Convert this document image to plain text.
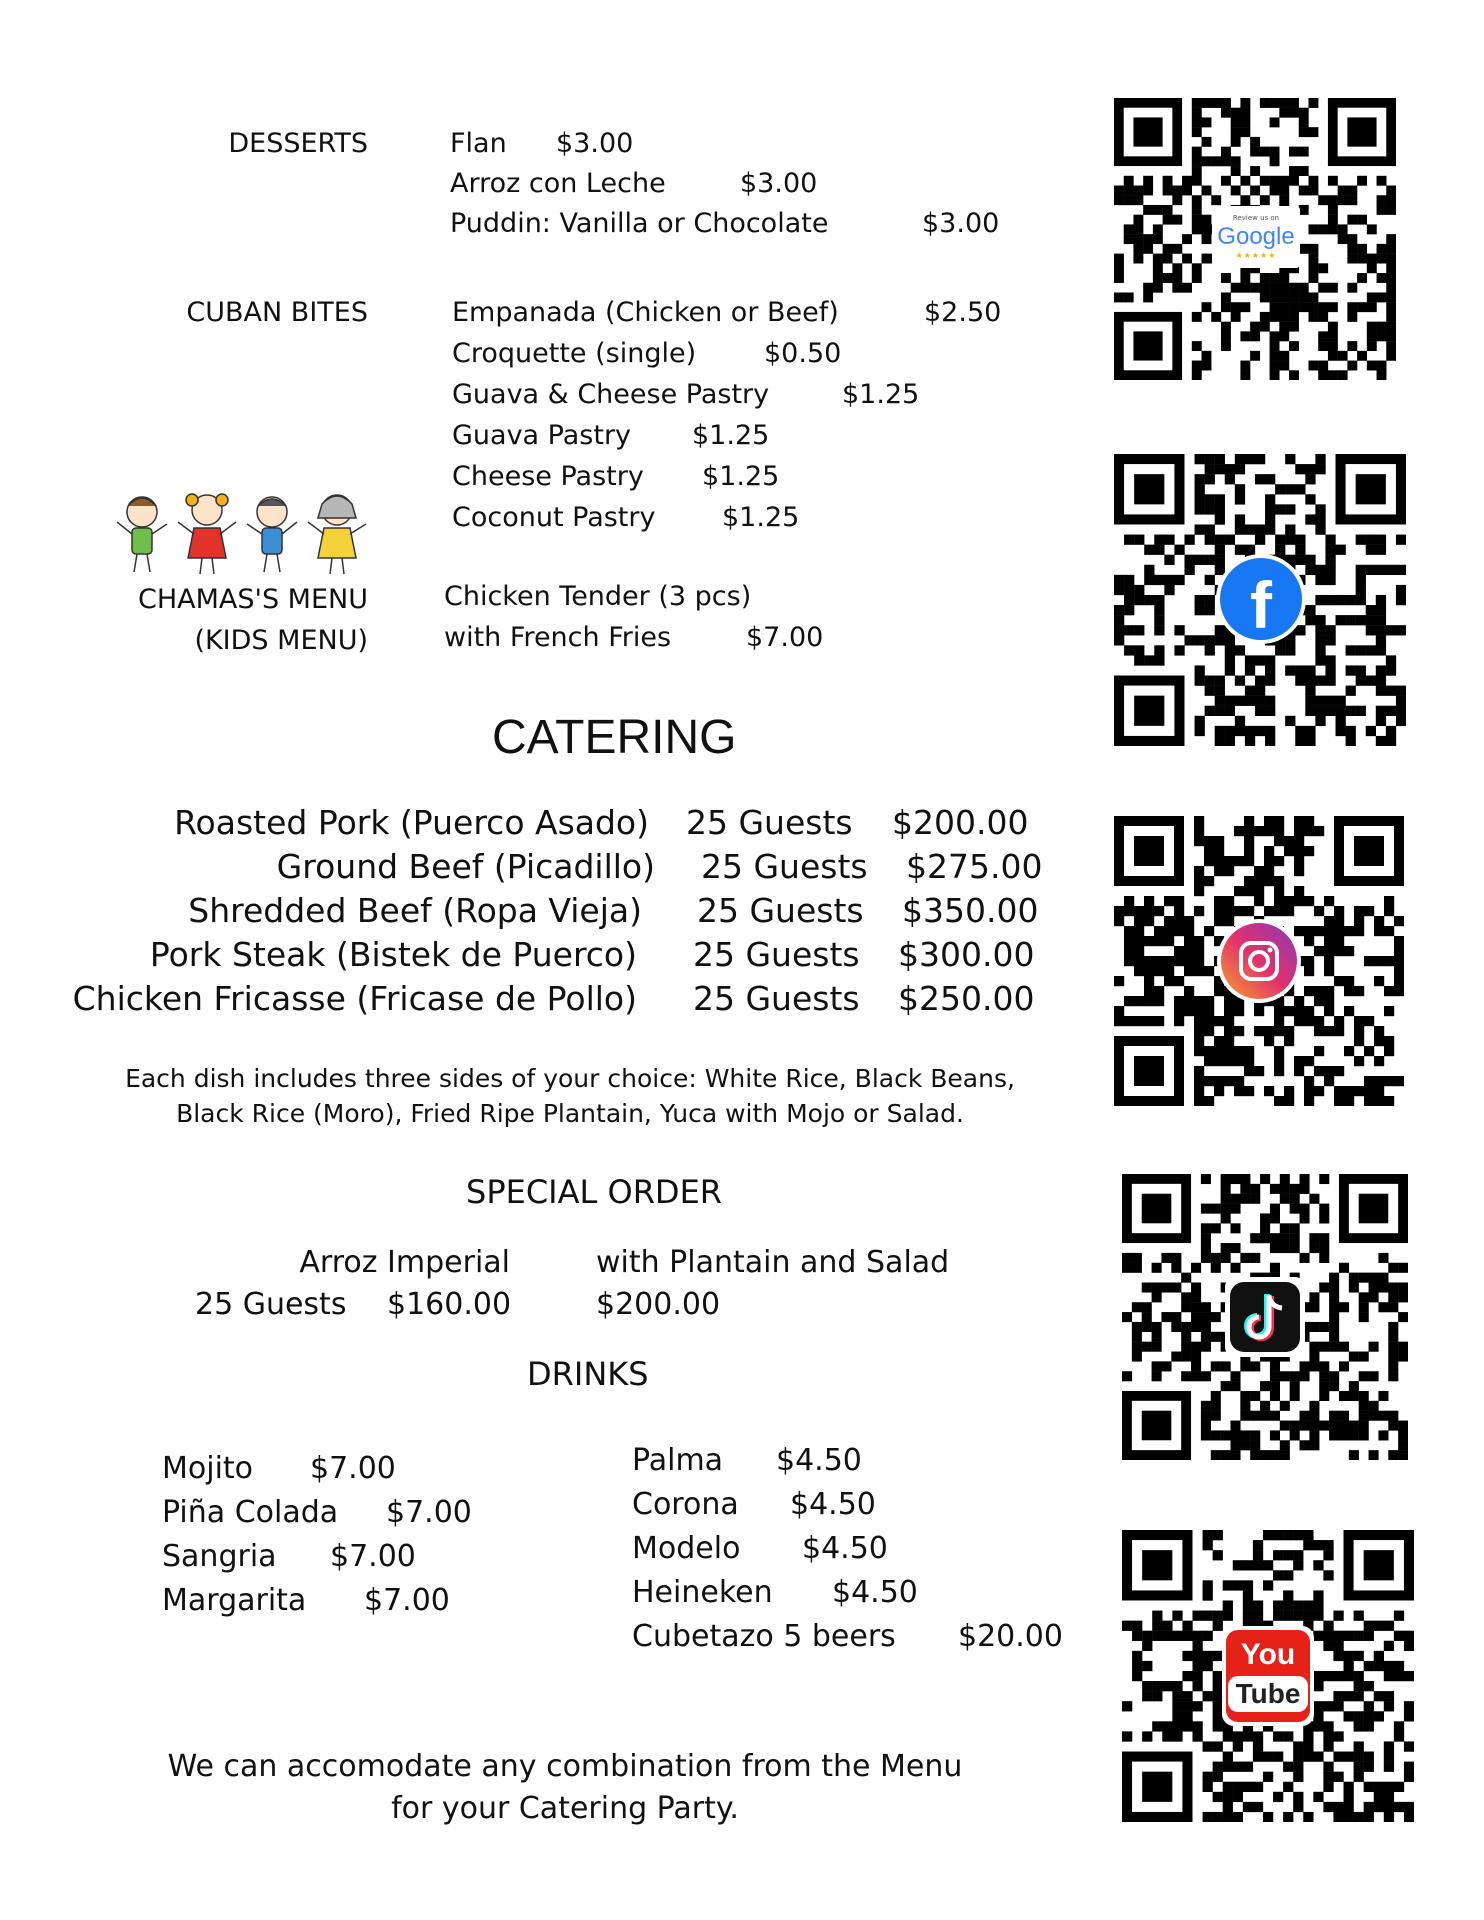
DESSERTS	Flan $3.00
Arroz con Leche	$3.00
Puddin: Vanilla or Chocolate	$3.00
CUBAN BITES	Empanada (Chicken or Beef)	$2.50
Croquette (single)	$0.50
Guava & Cheese Pastry	$1.25
Guava Pastry $1.25
Cheese Pastry $1.25
Coconut Pastry $1.25
CHAMAS'S MENU
(KIDS MENU)
Chicken Tender (3 pcs)
with French Fries	$7.00
CATERING
Roasted Pork (Puerco Asado) 25 Guests $200.00
Ground Beef (Picadillo) 25 Guests $275.00
Shredded Beef (Ropa Vieja) 25 Guests $350.00
Pork Steak (Bistek de Puerco) 25 Guests $300.00
Chicken Fricasse (Fricase de Pollo) 25 Guests $250.00
Each dish includes three sides of your choice: White Rice, Black Beans,
Black Rice (Moro), Fried Ripe Plantain, Yuca with Mojo or Salad.
SPECIAL ORDER
Arroz Imperial
25 Guests $160.00
with Plantain and Salad
$200.00
DRINKS
Mojito $7.00
Piña Colada $7.00
Sangria $7.00
Margarita $7.00
Palma $4.50
Corona $4.50
Modelo $4.50
Heineken $4.50
Cubetazo 5 beers $20.00
We can accomodate any combination from the Menu
for your Catering Party.
Review us on
Google
★★★★★
f
You
Tube
